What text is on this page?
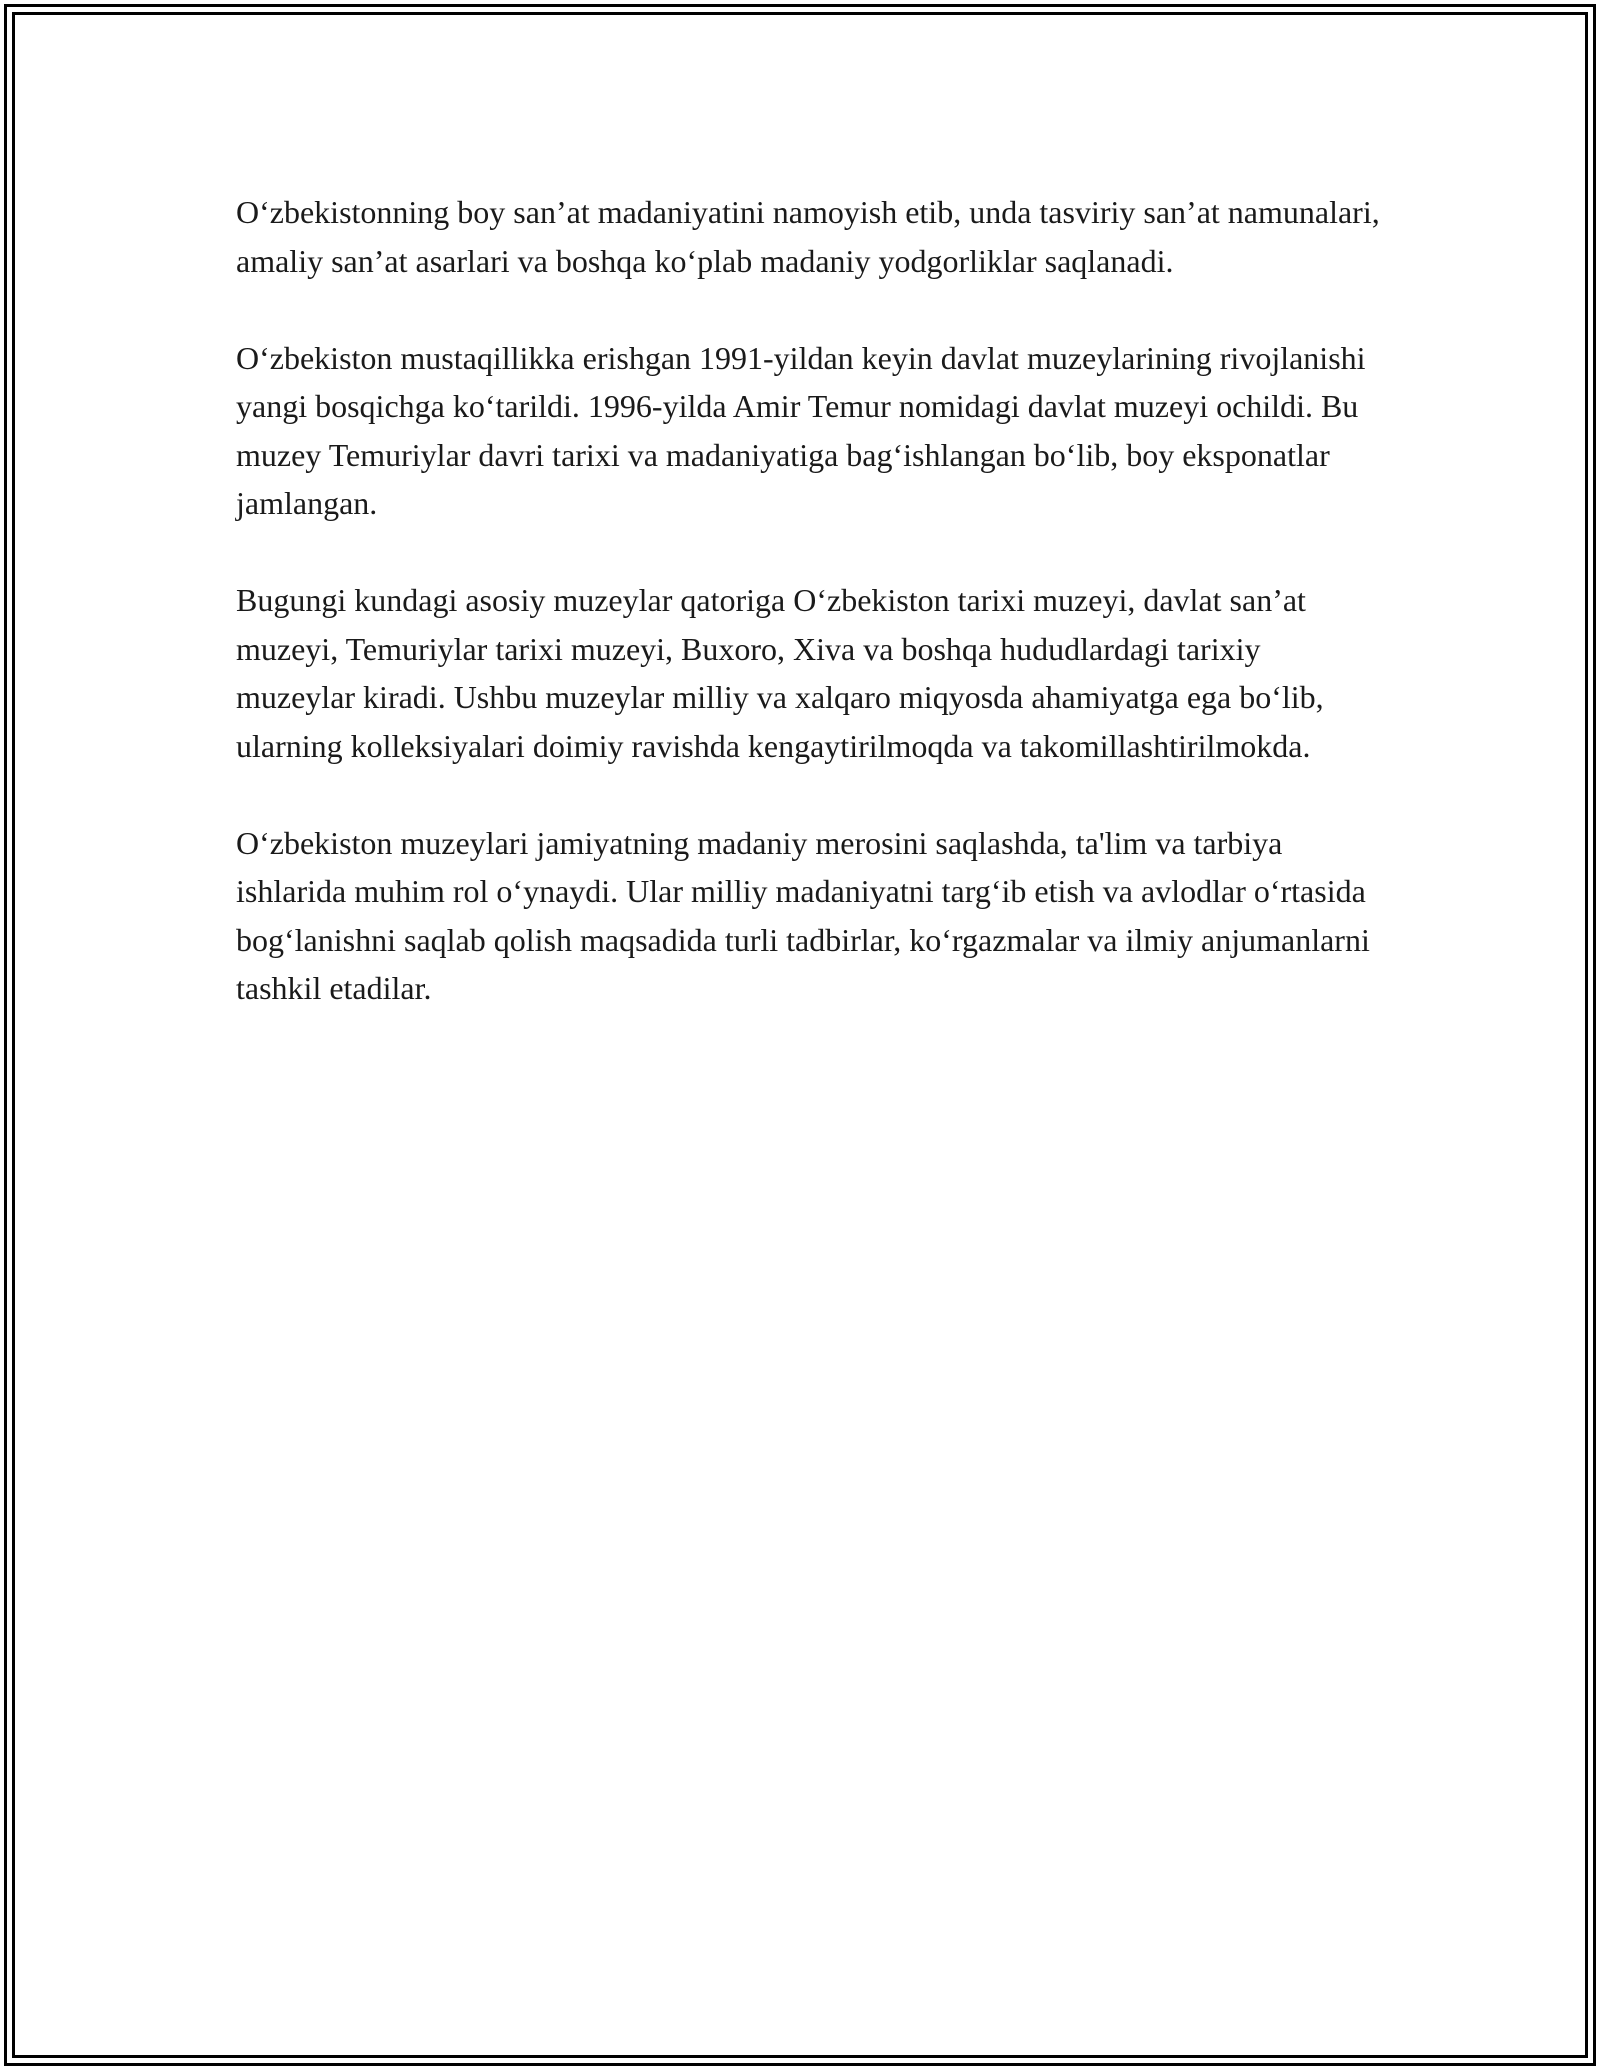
O‘zbekistonning boy san’at madaniyatini namoyish etib, unda tasviriy san’at namunalari, amaliy san’at asarlari va boshqa ko‘plab madaniy yodgorliklar saqlanadi.

O‘zbekiston mustaqillikka erishgan 1991-yildan keyin davlat muzeylarining rivojlanishi yangi bosqichga ko‘tarildi. 1996-yilda Amir Temur nomidagi davlat muzeyi ochildi. Bu muzey Temuriylar davri tarixi va madaniyatiga bag‘ishlangan bo‘lib, boy eksponatlar jamlangan.

Bugungi kundagi asosiy muzeylar qatoriga O‘zbekiston tarixi muzeyi, davlat san’at muzeyi, Temuriylar tarixi muzeyi, Buxoro, Xiva va boshqa hududlardagi tarixiy muzeylar kiradi. Ushbu muzeylar milliy va xalqaro miqyosda ahamiyatga ega bo‘lib, ularning kolleksiyalari doimiy ravishda kengaytirilmoqda va takomillashtirilmokda.

O‘zbekiston muzeylari jamiyatning madaniy merosini saqlashda, ta'lim va tarbiya ishlarida muhim rol o‘ynaydi. Ular milliy madaniyatni targ‘ib etish va avlodlar o‘rtasida bog‘lanishni saqlab qolish maqsadida turli tadbirlar, ko‘rgazmalar va ilmiy anjumanlarni tashkil etadilar.
